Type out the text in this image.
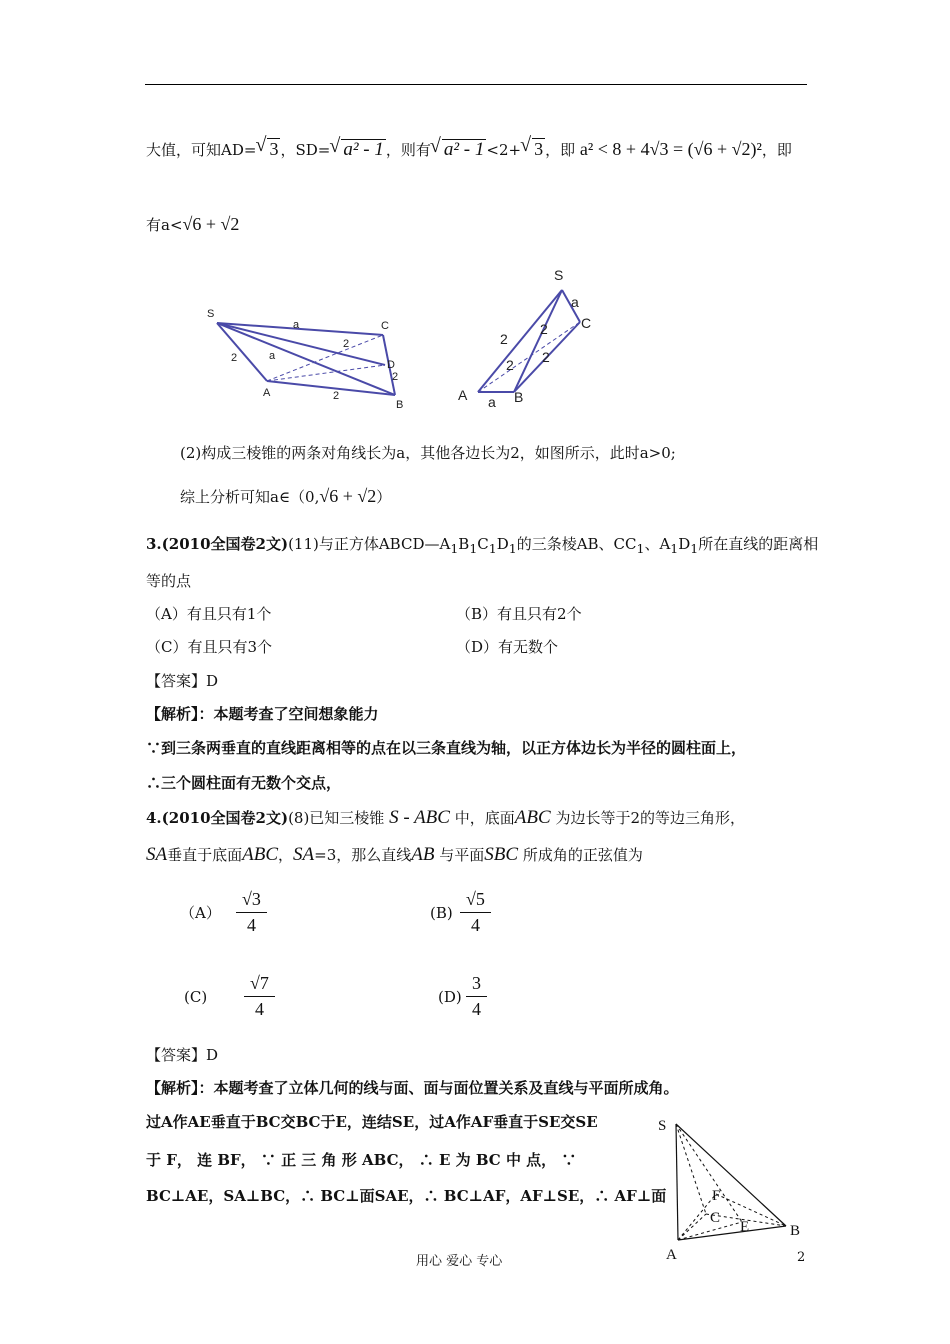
大值，可知AD= √ 3 ，SD= √ a² - 1 ，则有 √ a² - 1 <2+ √ 3 ，即 a² < 8 + 4√3 = (√6 + √2)²，即
有a<√6 + √2
S
C
A
D
B
a
2
2
2
2
a
S
a
C
2
2
2 2
A a B
(2)构成三棱锥的两条对角线长为a，其他各边长为2，如图所示，此时a>0;
综上分析可知a∈（0,√6 + √2）
3.(2010全国卷2文)(11)与正方体$ABCD—A_1B_1C_1D_1$的三条棱AB、$CC_1$、$A_1D_1$所在直线的距离相
等的点
（A）有且只有1个	（B）有且只有2个
（C）有且只有3个	（D）有无数个
【答案】D
【解析】：本题考查了空间想象能力
∵到三条两垂直的直线距离相等的点在以三条直线为轴，以正方体边长为半径的圆柱面上，
∴三个圆柱面有无数个交点，
4.(2010全国卷2文)(8)已知三棱锥 S - ABC 中，底面ABC 为边长等于2的等边三角形，
SA垂直于底面ABC，SA=3，那么直线AB 与平面SBC 所成角的正弦值为
$(A) \frac{√3}{4}$	$(B) \frac{√5}{4}$
$(C) \frac{√7}{4}$	$(D) \frac{3}{4}$
【答案】D
【解析】：本题考查了立体几何的线与面、面与面位置关系及直线与平面所成角。
过A作AE垂直于BC交BC于E，连结SE，过A作AF垂直于SE交SE
于 F， 连 BF， ∵ 正 三 角 形 ABC， ∴ E 为 BC 中 点， ∵
BC⊥AE，SA⊥BC，∴ BC⊥面SAE，∴ BC⊥AF，AF⊥SE，∴ AF⊥面
S
F
C
E	B
A
用心 爱心 专心	2
